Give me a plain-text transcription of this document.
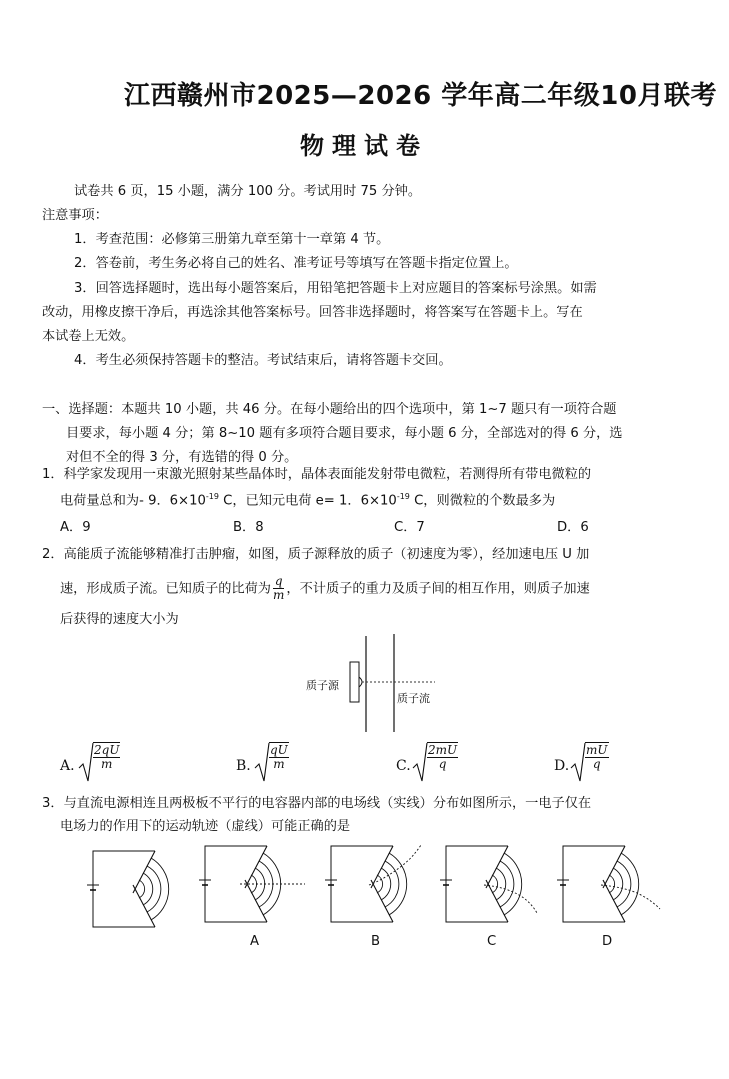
江西赣州市2025—2026 学年高二年级10月联考
物理试卷
试卷共 6 页，15 小题，满分 100 分。考试用时 75 分钟。
注意事项：
1．考查范围：必修第三册第九章至第十一章第 4 节。
2．答卷前，考生务必将自己的姓名、准考证号等填写在答题卡指定位置上。
3．回答选择题时，选出每小题答案后，用铅笔把答题卡上对应题目的答案标号涂黑。如需
改动，用橡皮擦干净后，再选涂其他答案标号。回答非选择题时，将答案写在答题卡上。写在
本试卷上无效。
4．考生必须保持答题卡的整洁。考试结束后，请将答题卡交回。
一、选择题：本题共 10 小题，共 46 分。在每小题给出的四个选项中，第 1~7 题只有一项符合题
目要求，每小题 4 分；第 8~10 题有多项符合题目要求，每小题 6 分，全部选对的得 6 分，选
对但不全的得 3 分，有选错的得 0 分。
1．科学家发现用一束激光照射某些晶体时，晶体表面能发射带电微粒，若测得所有带电微粒的
电荷量总和为- 9．$6\times 10^{-19}$ C，已知元电荷 e= 1．$6\times 10^{-19}$ C，则微粒的个数最多为
A．9	B．8	C．7	D．6
2．高能质子流能够精准打击肿瘤，如图，质子源释放的质子（初速度为零），经加速电压 U 加
速，形成质子流。已知质子的比荷为 $\frac{q}{m}$ ，不计质子的重力及质子间的相互作用，则质子加速
后获得的速度大小为
质子源
质子流
A. $\frac{2qU}{m}$	B. $\frac{qU}{m}$	C. $\frac{2mU}{q}$	D. $\frac{mU}{q}$
3．与直流电源相连且两极板不平行的电容器内部的电场线（实线）分布如图所示，一电子仅在
电场力的作用下的运动轨迹（虚线）可能正确的是
A	B	C	D
